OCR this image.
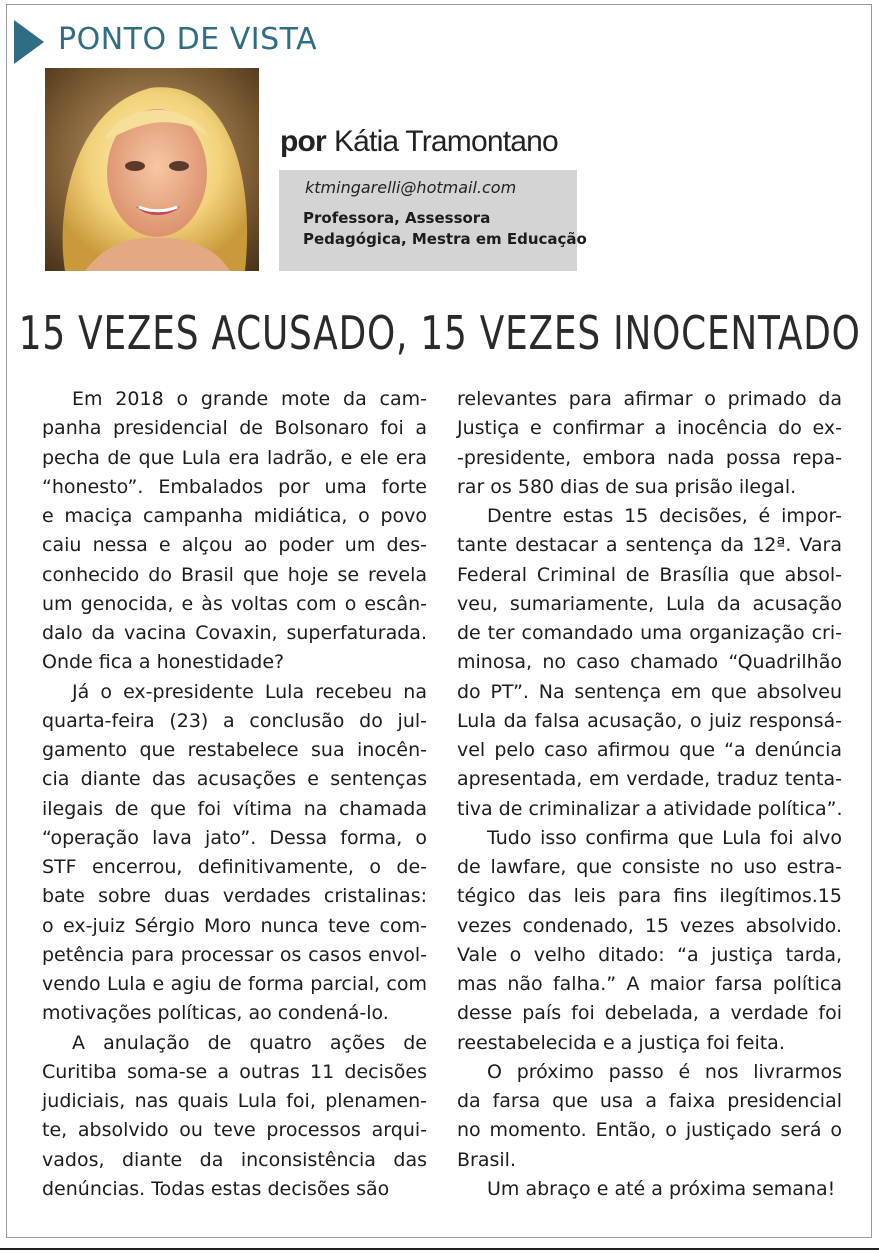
PONTO DE VISTA
por Kátia Tramontano
ktmingarelli@hotmail.com
Professora, Assessora
Pedagógica, Mestra em Educação
15 VEZES ACUSADO, 15 VEZES INOCENTADO
Em 2018 o grande mote da cam-
panha presidencial de Bolsonaro foi a
pecha de que Lula era ladrão, e ele era
“honesto”. Embalados por uma forte
e maciça campanha midiática, o povo
caiu nessa e alçou ao poder um des-
conhecido do Brasil que hoje se revela
um genocida, e às voltas com o escân-
dalo da vacina Covaxin, superfaturada.
Onde fica a honestidade?
Já o ex-presidente Lula recebeu na
quarta-feira (23) a conclusão do jul-
gamento que restabelece sua inocên-
cia diante das acusações e sentenças
ilegais de que foi vítima na chamada
“operação lava jato”. Dessa forma, o
STF encerrou, definitivamente, o de-
bate sobre duas verdades cristalinas:
o ex-juiz Sérgio Moro nunca teve com-
petência para processar os casos envol-
vendo Lula e agiu de forma parcial, com
motivações políticas, ao condená-lo.
A anulação de quatro ações de
Curitiba soma-se a outras 11 decisões
judiciais, nas quais Lula foi, plenamen-
te, absolvido ou teve processos arqui-
vados, diante da inconsistência das
denúncias. Todas estas decisões são
relevantes para afirmar o primado da
Justiça e confirmar a inocência do ex-
-presidente, embora nada possa repa-
rar os 580 dias de sua prisão ilegal.
Dentre estas 15 decisões, é impor-
tante destacar a sentença da 12ª. Vara
Federal Criminal de Brasília que absol-
veu, sumariamente, Lula da acusação
de ter comandado uma organização cri-
minosa, no caso chamado “Quadrilhão
do PT”. Na sentença em que absolveu
Lula da falsa acusação, o juiz responsá-
vel pelo caso afirmou que “a denúncia
apresentada, em verdade, traduz tenta-
tiva de criminalizar a atividade política”.
Tudo isso confirma que Lula foi alvo
de lawfare, que consiste no uso estra-
tégico das leis para fins ilegítimos.15
vezes condenado, 15 vezes absolvido.
Vale o velho ditado: “a justiça tarda,
mas não falha.” A maior farsa política
desse país foi debelada, a verdade foi
reestabelecida e a justiça foi feita.
O próximo passo é nos livrarmos
da farsa que usa a faixa presidencial
no momento. Então, o justiçado será o
Brasil.
Um abraço e até a próxima semana!
